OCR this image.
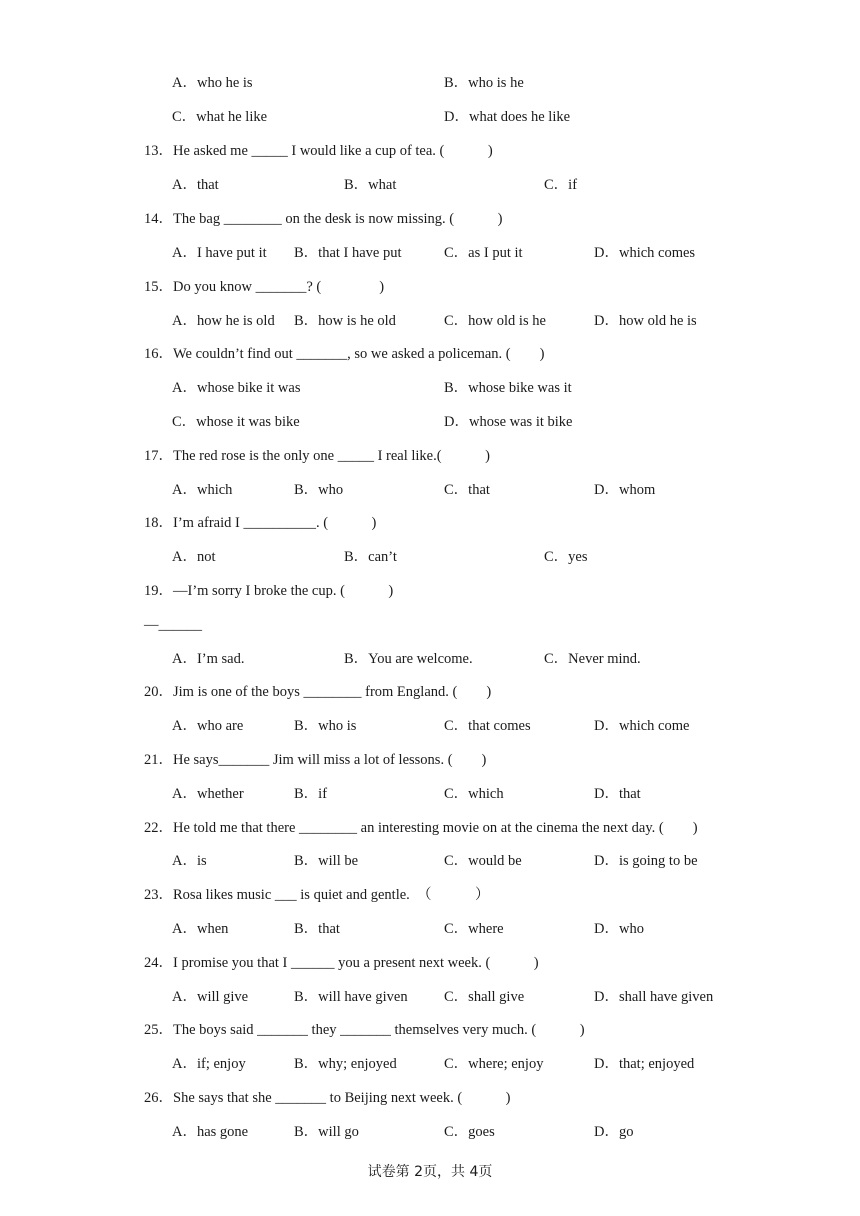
A．who he is	B．who is he
C．what he like	D．what does he like
13．He asked me _____ I would like a cup of tea. (　　　)
A．that	B．what	C．if
14．The bag ________ on the desk is now missing. (　　　)
A．I have put it B．that I have put	C．as I put it	D．which comes
15．Do you know _______? (　　　　)
A．how he is old B．how is he old	C．how old is he	D．how old he is
16．We couldn’t find out _______, so we asked a policeman. (　　)
A．whose bike it was	B．whose bike was it
C．whose it was bike	D．whose was it bike
17．The red rose is the only one _____ I real like.(　　　)
A．which	B．who	C．that	D．whom
18．I’m afraid I __________. (　　　)
A．not	B．can’t	C．yes
19．—I’m sorry I broke the cup. (　　　)
—______
A．I’m sad.	B．You are welcome.	C．Never mind.
20．Jim is one of the boys ________ from England. (　　)
A．who are	B．who is	C．that comes	D．which come
21．He says_______ Jim will miss a lot of lessons. (　　)
A．whether	B．if	C．which	D．that
22．He told me that there ________ an interesting movie on at the cinema the next day. (　　)
A．is	B．will be	C．would be	D．is going to be
23．Rosa likes music ___ is quiet and gentle.　（　　　）
A．when	B．that	C．where	D．who
24．I promise you that I ______ you a present next week. (　　　)
A．will give	B．will have given	C．shall give	D．shall have given
25．The boys said _______ they _______ themselves very much. (　　　)
A．if; enjoy	B．why; enjoyed	C．where; enjoy	D．that; enjoyed
26．She says that she _______ to Beijing next week. (　　　)
A．has gone	B．will go	C．goes	D．go
试卷第 2页，共 4页
